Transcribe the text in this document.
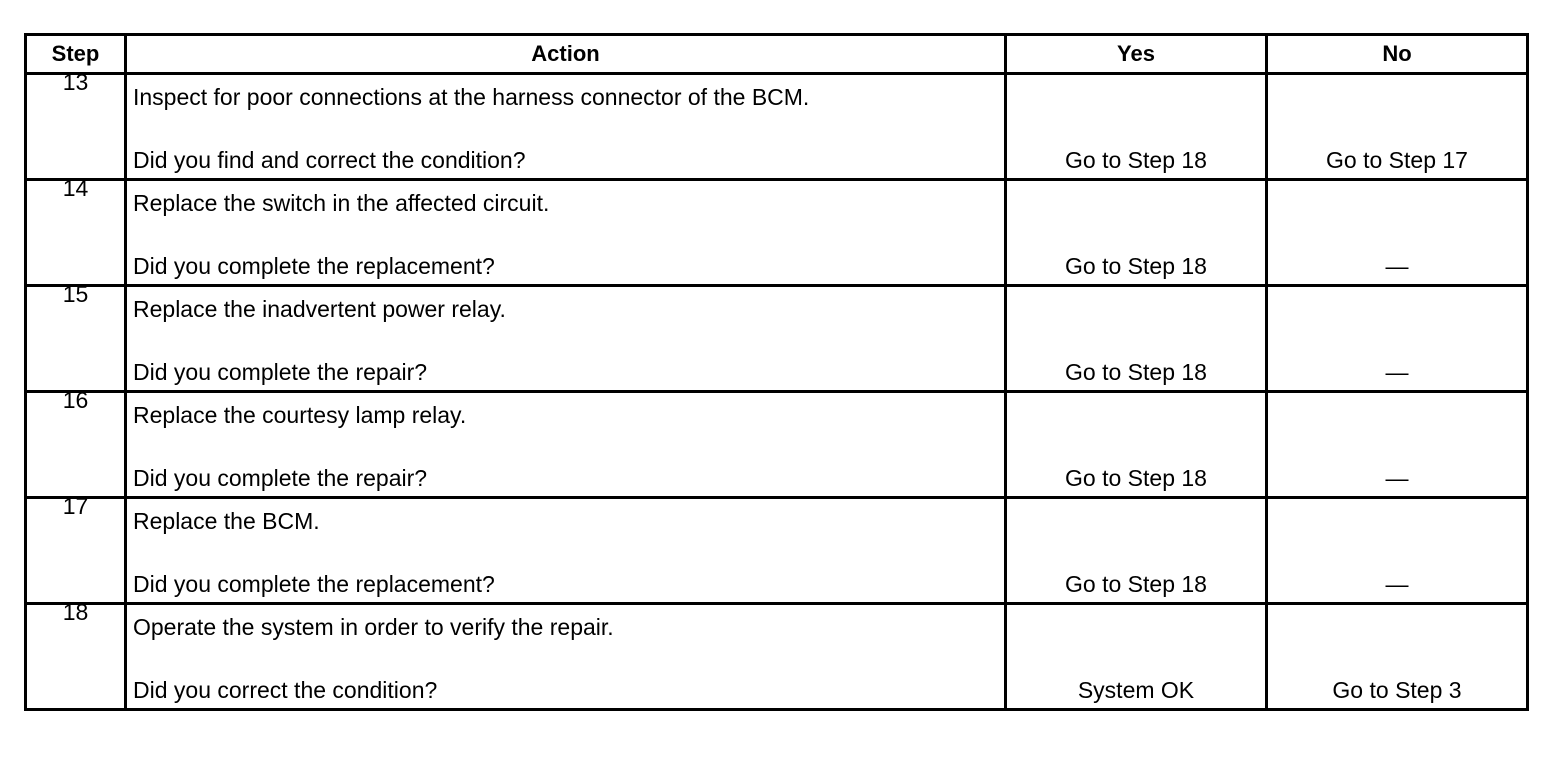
Step	Action	Yes	No

13	Inspect for poor connections at the harness connector of the BCM.
Did you find and correct the condition?	Go to Step 18	Go to Step 17

14	Replace the switch in the affected circuit.
Did you complete the replacement?	Go to Step 18	—

15	Replace the inadvertent power relay.
Did you complete the repair?	Go to Step 18	—

16	Replace the courtesy lamp relay.
Did you complete the repair?	Go to Step 18	—

17	Replace the BCM.
Did you complete the replacement?	Go to Step 18	—

18	Operate the system in order to verify the repair.
Did you correct the condition?	System OK	Go to Step 3
